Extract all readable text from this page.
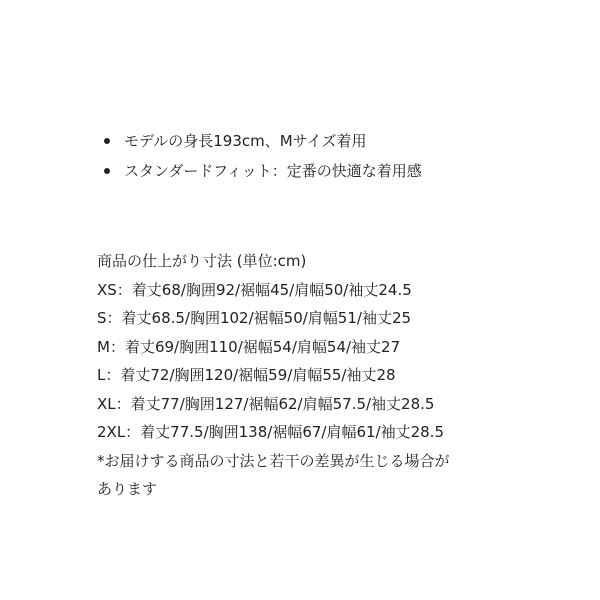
モデルの身長193cm、Mサイズ着用
スタンダードフィット：定番の快適な着用感
商品の仕上がり寸法 (単位:cm)
XS：着丈68/胸囲92/裾幅45/肩幅50/袖丈24.5
S：着丈68.5/胸囲102/裾幅50/肩幅51/袖丈25
M：着丈69/胸囲110/裾幅54/肩幅54/袖丈27
L：着丈72/胸囲120/裾幅59/肩幅55/袖丈28
XL：着丈77/胸囲127/裾幅62/肩幅57.5/袖丈28.5
2XL：着丈77.5/胸囲138/裾幅67/肩幅61/袖丈28.5
*お届けする商品の寸法と若干の差異が生じる場合が
あります
